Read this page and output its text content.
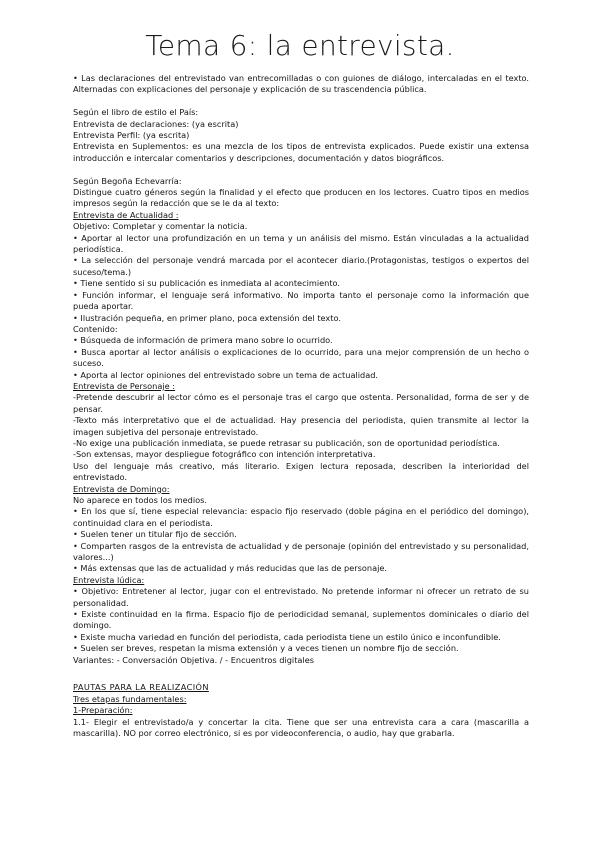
Tema 6: la entrevista.

• Las declaraciones del entrevistado van entrecomilladas o con guiones de diálogo, intercaladas en el texto. Alternadas con explicaciones del personaje y explicación de su trascendencia pública.

Según el libro de estilo el País:

Entrevista de declaraciones: (ya escrita)

Entrevista Perfil: (ya escrita)

Entrevista en Suplementos: es una mezcla de los tipos de entrevista explicados. Puede existir una extensa introducción e intercalar comentarios y descripciones, documentación y datos biográficos.

Según Begoña Echevarría:

Distingue cuatro géneros según la finalidad y el efecto que producen en los lectores. Cuatro tipos en medios impresos según la redacción que se le da al texto:

Entrevista de Actualidad :

Objetivo: Completar y comentar la noticia.

• Aportar al lector una profundización en un tema y un análisis del mismo. Están vinculadas a la actualidad periodística.

• La selección del personaje vendrá marcada por el acontecer diario.(Protagonistas, testigos o expertos del suceso/tema.)

• Tiene sentido si su publicación es inmediata al acontecimiento.

• Función informar, el lenguaje será informativo. No importa tanto el personaje como la información que pueda aportar.

• Ilustración pequeña, en primer plano, poca extensión del texto.

Contenido:

• Búsqueda de información de primera mano sobre lo ocurrido.

• Busca aportar al lector análisis o explicaciones de lo ocurrido, para una mejor comprensión de un hecho o suceso.

• Aporta al lector opiniones del entrevistado sobre un tema de actualidad.

Entrevista de Personaje :

-Pretende descubrir al lector cómo es el personaje tras el cargo que ostenta. Personalidad, forma de ser y de pensar.

-Texto más interpretativo que el de actualidad. Hay presencia del periodista, quien transmite al lector la imagen subjetiva del personaje entrevistado.

-No exige una publicación inmediata, se puede retrasar su publicación, son de oportunidad periodística.

-Son extensas, mayor despliegue fotográfico con intención interpretativa.

Uso del lenguaje más creativo, más literario. Exigen lectura reposada, describen la interioridad del entrevistado.

Entrevista de Domingo:

No aparece en todos los medios.

• En los que sí, tiene especial relevancia: espacio fijo reservado (doble página en el periódico del domingo), continuidad clara en el periodista.

• Suelen tener un titular fijo de sección.

• Comparten rasgos de la entrevista de actualidad y de personaje (opinión del entrevistado y su personalidad, valores...)

• Más extensas que las de actualidad y más reducidas que las de personaje.

Entrevista lúdica:

• Objetivo: Entretener al lector, jugar con el entrevistado. No pretende informar ni ofrecer un retrato de su personalidad.

• Existe continuidad en la firma. Espacio fijo de periodicidad semanal, suplementos dominicales o diario del domingo.

• Existe mucha variedad en función del periodista, cada periodista tiene un estilo único e inconfundible.

• Suelen ser breves, respetan la misma extensión y a veces tienen un nombre fijo de sección.

Variantes: - Conversación Objetiva. / - Encuentros digitales

PAUTAS PARA LA REALIZACIÓN

Tres etapas fundamentales:

1-Preparación:

1.1- Elegir el entrevistado/a y concertar la cita. Tiene que ser una entrevista cara a cara (mascarilla a mascarilla). NO por correo electrónico, si es por videoconferencia, o audio, hay que grabarla.
